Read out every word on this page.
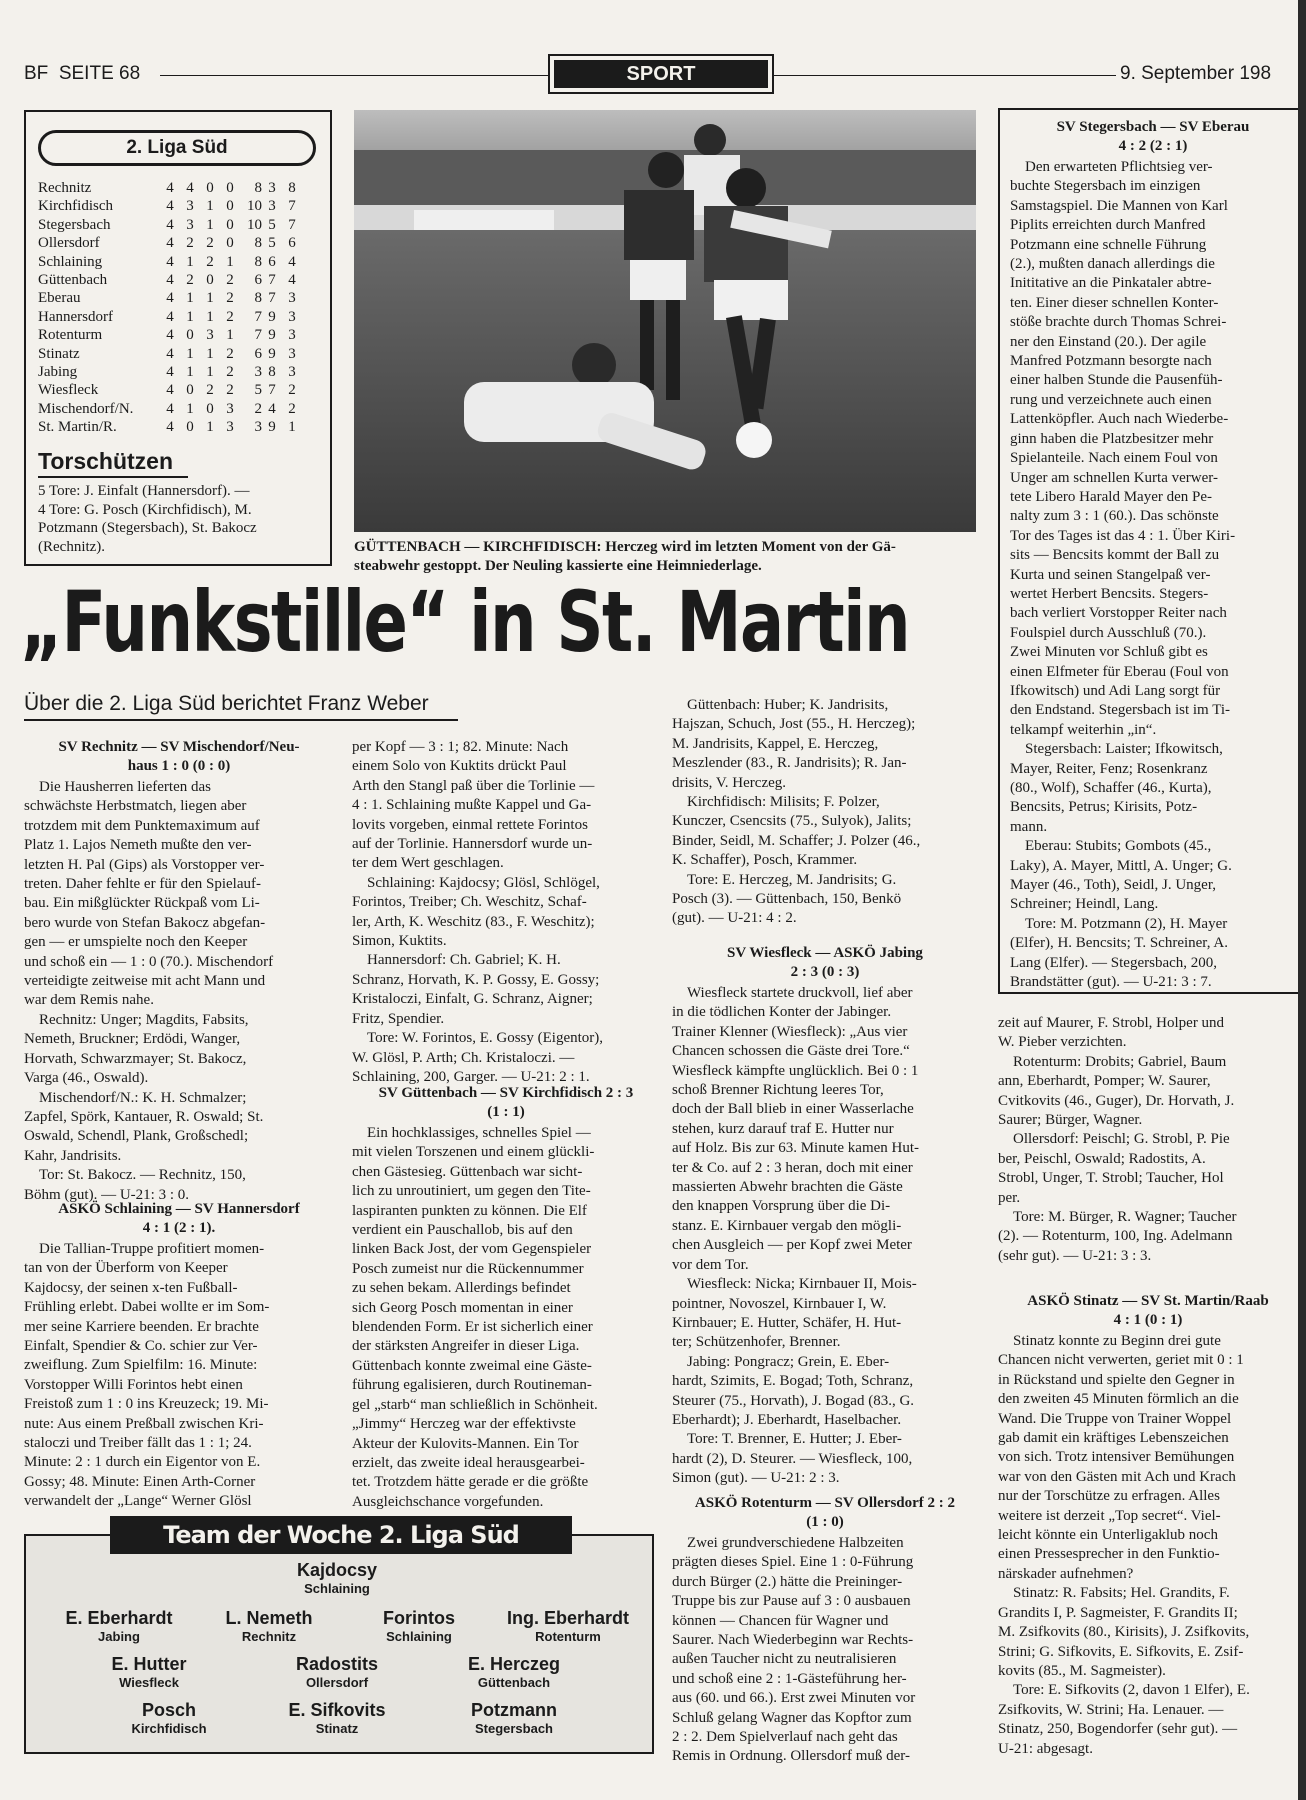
BF  SEITE 68	SPORT	9. September 198
2. Liga Süd
Rechnitz	4 4 0 0	8 3 8
Kirchfidisch	4 3 1 0 10 3 7
Stegersbach	4 3 1 0 10 5 7
Ollersdorf	4 2 2 0	8 5 6
Schlaining	4 1 2 1	8 6 4
Güttenbach	4 2 0 2	6 7 4
Eberau	4 1 1 2	8 7 3
Hannersdorf	4 1 1 2	7 9 3
Rotenturm	4 0 3 1	7 9 3
Stinatz	4 1 1 2	6 9 3
Jabing	4 1 1 2	3 8 3
Wiesfleck	4 0 2 2	5 7 2
Mischendorf/N.	4 1 0 3	2 4 2
St. Martin/R.	4 0 1 3	3 9 1
Torschützen
5 Tore: J. Einfalt (Hannersdorf). —
4 Tore: G. Posch (Kirchfidisch), M.
Potzmann (Stegersbach), St. Bakocz
(Rechnitz).	GÜTTENBACH — KIRCHFIDISCH: Herczeg wird im letzten Moment von der Gä-
steabwehr gestoppt. Der Neuling kassierte eine Heimniederlage.
„Funkstille“ in St. Martin
Über die 2. Liga Süd berichtet Franz Weber
SV Rechnitz — SV Mischendorf/Neu-
haus 1 : 0 (0 : 0)
Die Hausherren lieferten das
schwächste Herbstmatch, liegen aber
trotzdem mit dem Punktemaximum auf
Platz 1. Lajos Nemeth mußte den ver-
letzten H. Pal (Gips) als Vorstopper ver-
treten. Daher fehlte er für den Spielauf-
bau. Ein mißglückter Rückpaß vom Li-
bero wurde von Stefan Bakocz abgefan-
gen — er umspielte noch den Keeper
und schoß ein — 1 : 0 (70.). Mischendorf
verteidigte zeitweise mit acht Mann und
war dem Remis nahe.
Rechnitz: Unger; Magdits, Fabsits,
Nemeth, Bruckner; Erdödi, Wanger,
Horvath, Schwarzmayer; St. Bakocz,
Varga (46., Oswald).
Mischendorf/N.: K. H. Schmalzer;
Zapfel, Spörk, Kantauer, R. Oswald; St.
Oswald, Schendl, Plank, Großschedl;
Kahr, Jandrisits.
Tor: St. Bakocz. — Rechnitz, 150,
Böhm (gut). — U-21: 3 : 0.
ASKÖ Schlaining — SV Hannersdorf
4 : 1 (2 : 1).
Die Tallian-Truppe profitiert momen-
tan von der Überform von Keeper
Kajdocsy, der seinen x-ten Fußball-
Frühling erlebt. Dabei wollte er im Som-
mer seine Karriere beenden. Er brachte
Einfalt, Spendier & Co. schier zur Ver-
zweiflung. Zum Spielfilm: 16. Minute:
Vorstopper Willi Forintos hebt einen
Freistoß zum 1 : 0 ins Kreuzeck; 19. Mi-
nute: Aus einem Preßball zwischen Kri-
staloczi und Treiber fällt das 1 : 1; 24.
Minute: 2 : 1 durch ein Eigentor von E.
Gossy; 48. Minute: Einen Arth-Corner
verwandelt der „Lange“ Werner Glösl
per Kopf — 3 : 1; 82. Minute: Nach
einem Solo von Kuktits drückt Paul
Arth den Stangl paß über die Torlinie —
4 : 1. Schlaining mußte Kappel und Ga-
lovits vorgeben, einmal rettete Forintos
auf der Torlinie. Hannersdorf wurde un-
ter dem Wert geschlagen.
Schlaining: Kajdocsy; Glösl, Schlögel,
Forintos, Treiber; Ch. Weschitz, Schaf-
ler, Arth, K. Weschitz (83., F. Weschitz);
Simon, Kuktits.
Hannersdorf: Ch. Gabriel; K. H.
Schranz, Horvath, K. P. Gossy, E. Gossy;
Kristaloczi, Einfalt, G. Schranz, Aigner;
Fritz, Spendier.
Tore: W. Forintos, E. Gossy (Eigentor),
W. Glösl, P. Arth; Ch. Kristaloczi. —
Schlaining, 200, Garger. — U-21: 2 : 1.
SV Güttenbach — SV Kirchfidisch 2 : 3
(1 : 1)
Ein hochklassiges, schnelles Spiel —
mit vielen Torszenen und einem glückli-
chen Gästesieg. Güttenbach war sicht-
lich zu unroutiniert, um gegen den Tite-
laspiranten punkten zu können. Die Elf
verdient ein Pauschallob, bis auf den
linken Back Jost, der vom Gegenspieler
Posch zumeist nur die Rückennummer
zu sehen bekam. Allerdings befindet
sich Georg Posch momentan in einer
blendenden Form. Er ist sicherlich einer
der stärksten Angreifer in dieser Liga.
Güttenbach konnte zweimal eine Gäste-
führung egalisieren, durch Routineman-
gel „starb“ man schließlich in Schönheit.
„Jimmy“ Herczeg war der effektivste
Akteur der Kulovits-Mannen. Ein Tor
erzielt, das zweite ideal herausgearbei-
tet. Trotzdem hätte gerade er die größte
Ausgleichschance vorgefunden.
Güttenbach: Huber; K. Jandrisits,
Hajszan, Schuch, Jost (55., H. Herczeg);
M. Jandrisits, Kappel, E. Herczeg,
Meszlender (83., R. Jandrisits); R. Jan-
drisits, V. Herczeg.
Kirchfidisch: Milisits; F. Polzer,
Kunczer, Csencsits (75., Sulyok), Jalits;
Binder, Seidl, M. Schaffer; J. Polzer (46.,
K. Schaffer), Posch, Krammer.
Tore: E. Herczeg, M. Jandrisits; G.
Posch (3). — Güttenbach, 150, Benkö
(gut). — U-21: 4 : 2.
SV Wiesfleck — ASKÖ Jabing
2 : 3 (0 : 3)
Wiesfleck startete druckvoll, lief aber
in die tödlichen Konter der Jabinger.
Trainer Klenner (Wiesfleck): „Aus vier
Chancen schossen die Gäste drei Tore.“
Wiesfleck kämpfte unglücklich. Bei 0 : 1
schoß Brenner Richtung leeres Tor,
doch der Ball blieb in einer Wasserlache
stehen, kurz darauf traf E. Hutter nur
auf Holz. Bis zur 63. Minute kamen Hut-
ter & Co. auf 2 : 3 heran, doch mit einer
massierten Abwehr brachten die Gäste
den knappen Vorsprung über die Di-
stanz. E. Kirnbauer vergab den mögli-
chen Ausgleich — per Kopf zwei Meter
vor dem Tor.
Wiesfleck: Nicka; Kirnbauer II, Mois-
pointner, Novoszel, Kirnbauer I, W.
Kirnbauer; E. Hutter, Schäfer, H. Hut-
ter; Schützenhofer, Brenner.
Jabing: Pongracz; Grein, E. Eber-
hardt, Szimits, E. Bogad; Toth, Schranz,
Steurer (75., Horvath), J. Bogad (83., G.
Eberhardt); J. Eberhardt, Haselbacher.
Tore: T. Brenner, E. Hutter; J. Eber-
hardt (2), D. Steurer. — Wiesfleck, 100,
Simon (gut). — U-21: 2 : 3.
ASKÖ Rotenturm — SV Ollersdorf 2 : 2
(1 : 0)
Zwei grundverschiedene Halbzeiten
prägten dieses Spiel. Eine 1 : 0-Führung
durch Bürger (2.) hätte die Preininger-
Truppe bis zur Pause auf 3 : 0 ausbauen
können — Chancen für Wagner und
Saurer. Nach Wiederbeginn war Rechts-
außen Taucher nicht zu neutralisieren
und schoß eine 2 : 1-Gästeführung her-
aus (60. und 66.). Erst zwei Minuten vor
Schluß gelang Wagner das Kopftor zum
2 : 2. Dem Spielverlauf nach geht das
Remis in Ordnung. Ollersdorf muß der-
SV Stegersbach — SV Eberau
4 : 2 (2 : 1)
Den erwarteten Pflichtsieg ver-
buchte Stegersbach im einzigen
Samstagspiel. Die Mannen von Karl
Piplits erreichten durch Manfred
Potzmann eine schnelle Führung
(2.), mußten danach allerdings die
Inititative an die Pinkataler abtre-
ten. Einer dieser schnellen Konter-
stöße brachte durch Thomas Schrei-
ner den Einstand (20.). Der agile
Manfred Potzmann besorgte nach
einer halben Stunde die Pausenfüh-
rung und verzeichnete auch einen
Lattenköpfler. Auch nach Wiederbe-
ginn haben die Platzbesitzer mehr
Spielanteile. Nach einem Foul von
Unger am schnellen Kurta verwer-
tete Libero Harald Mayer den Pe-
nalty zum 3 : 1 (60.). Das schönste
Tor des Tages ist das 4 : 1. Über Kiri-
sits — Bencsits kommt der Ball zu
Kurta und seinen Stangelpaß ver-
wertet Herbert Bencsits. Stegers-
bach verliert Vorstopper Reiter nach
Foulspiel durch Ausschluß (70.).
Zwei Minuten vor Schluß gibt es
einen Elfmeter für Eberau (Foul von
Ifkowitsch) und Adi Lang sorgt für
den Endstand. Stegersbach ist im Ti-
telkampf weiterhin „in“.
Stegersbach: Laister; Ifkowitsch,
Mayer, Reiter, Fenz; Rosenkranz
(80., Wolf), Schaffer (46., Kurta),
Bencsits, Petrus; Kirisits, Potz-
mann.
Eberau: Stubits; Gombots (45.,
Laky), A. Mayer, Mittl, A. Unger; G.
Mayer (46., Toth), Seidl, J. Unger,
Schreiner; Heindl, Lang.
Tore: M. Potzmann (2), H. Mayer
(Elfer), H. Bencsits; T. Schreiner, A.
Lang (Elfer). — Stegersbach, 200,
Brandstätter (gut). — U-21: 3 : 7.
zeit auf Maurer, F. Strobl, Holper und
W. Pieber verzichten.
Rotenturm: Drobits; Gabriel, Baum
ann, Eberhardt, Pomper; W. Saurer,
Cvitkovits (46., Guger), Dr. Horvath, J.
Saurer; Bürger, Wagner.
Ollersdorf: Peischl; G. Strobl, P. Pie
ber, Peischl, Oswald; Radostits, A.
Strobl, Unger, T. Strobl; Taucher, Hol
per.
Tore: M. Bürger, R. Wagner; Taucher
(2). — Rotenturm, 100, Ing. Adelmann
(sehr gut). — U-21: 3 : 3.
ASKÖ Stinatz — SV St. Martin/Raab
4 : 1 (0 : 1)
Stinatz konnte zu Beginn drei gute
Chancen nicht verwerten, geriet mit 0 : 1
in Rückstand und spielte den Gegner in
den zweiten 45 Minuten förmlich an die
Wand. Die Truppe von Trainer Woppel
gab damit ein kräftiges Lebenszeichen
von sich. Trotz intensiver Bemühungen
war von den Gästen mit Ach und Krach
nur der Torschütze zu erfragen. Alles
weitere ist derzeit „Top secret“. Viel-
leicht könnte ein Unterligaklub noch
einen Pressesprecher in den Funktio-
närskader aufnehmen?
Stinatz: R. Fabsits; Hel. Grandits, F.
Grandits I, P. Sagmeister, F. Grandits II;
M. Zsifkovits (80., Kirisits), J. Zsifkovits,
Strini; G. Sifkovits, E. Sifkovits, E. Zsif-
kovits (85., M. Sagmeister).
Tore: E. Sifkovits (2, davon 1 Elfer), E.
Zsifkovits, W. Strini; Ha. Lenauer. —
Stinatz, 250, Bogendorfer (sehr gut). —
U-21: abgesagt.
Team der Woche 2. Liga Süd
Kajdocsy
Schlaining
E. Eberhardt
Jabing
L. Nemeth
Rechnitz
Forintos
Schlaining
Ing. Eberhardt
Rotenturm
E. Hutter
Wiesfleck
Radostits
Ollersdorf
E. Herczeg
Güttenbach
Posch
Kirchfidisch
E. Sifkovits
Stinatz
Potzmann
Stegersbach
